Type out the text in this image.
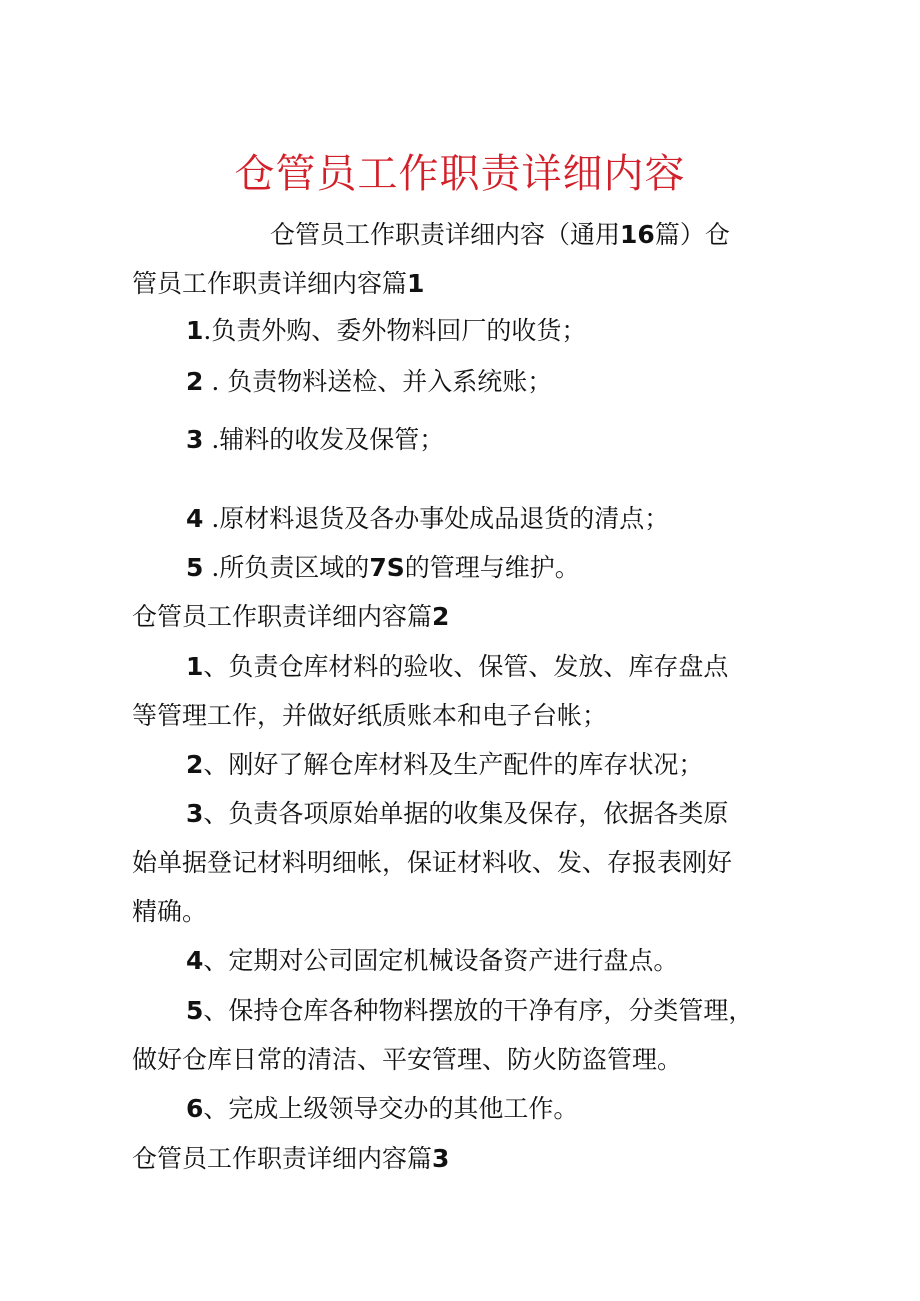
仓管员工作职责详细内容
仓管员工作职责详细内容（通用16篇）仓
管员工作职责详细内容篇1
1.负责外购、委外物料回厂的收货；
2 . 负责物料送检、并入系统账；
3 .辅料的收发及保管；
4 .原材料退货及各办事处成品退货的清点；
5 .所负责区域的7S的管理与维护。
仓管员工作职责详细内容篇2
1、负责仓库材料的验收、保管、发放、库存盘点
等管理工作，并做好纸质账本和电子台帐；
2、刚好了解仓库材料及生产配件的库存状况；
3、负责各项原始单据的收集及保存，依据各类原
始单据登记材料明细帐，保证材料收、发、存报表刚好
精确。
4、定期对公司固定机械设备资产进行盘点。
5、保持仓库各种物料摆放的干净有序，分类管理，
做好仓库日常的清洁、平安管理、防火防盗管理。
6、完成上级领导交办的其他工作。
仓管员工作职责详细内容篇3
